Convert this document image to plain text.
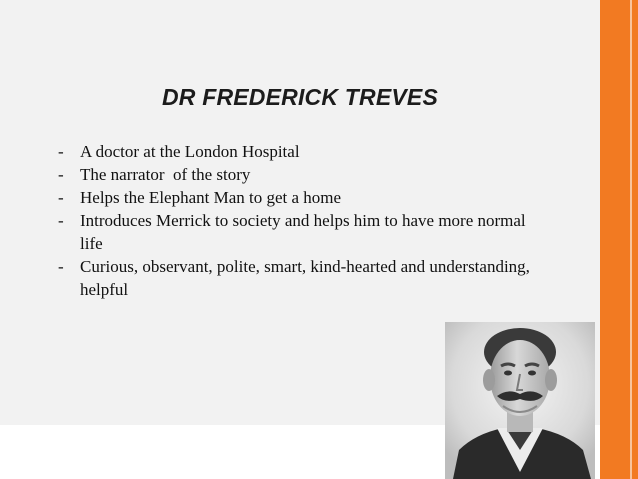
DR FREDERICK TREVES
- A doctor at the London Hospital
- The narrator  of the story
- Helps the Elephant Man to get a home
- Introduces Merrick to society and helps him to have more normal life
- Curious, observant, polite, smart, kind-hearted and understanding, helpful
